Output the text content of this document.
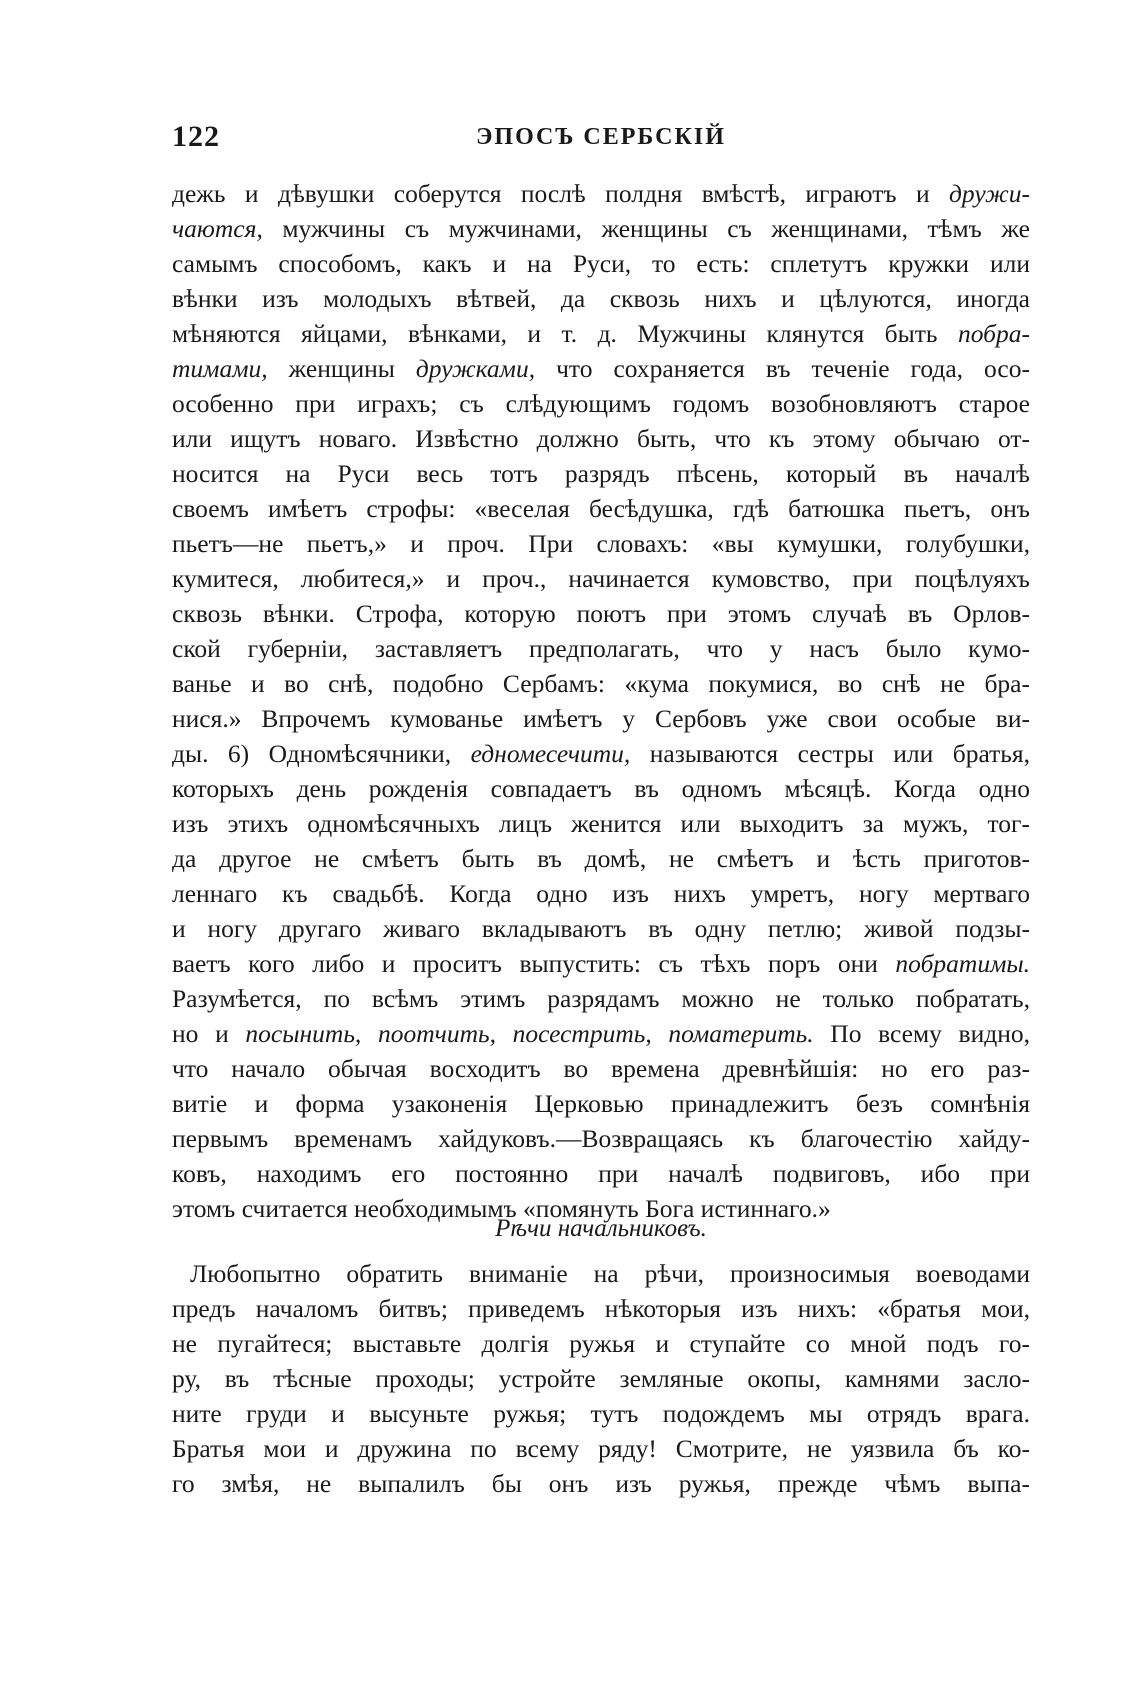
122	ЭПОСЪ СЕРБСКІЙ
дежь и дѣвушки соберутся послѣ полдня вмѣстѣ, играютъ и дружи-
чаются, мужчины съ мужчинами, женщины съ женщинами, тѣмъ же
самымъ способомъ, какъ и на Руси, то есть: сплетутъ кружки или
вѣнки изъ молодыхъ вѣтвей, да сквозь нихъ и цѣлуются, иногда
мѣняются яйцами, вѣнками, и т. д. Мужчины клянутся быть побра-
тимами, женщины дружками, что сохраняется въ теченіе года, осо-
особенно при играхъ; съ слѣдующимъ годомъ возобновляютъ старое
или ищутъ новаго. Извѣстно должно быть, что къ этому обычаю от-
носится на Руси весь тотъ разрядъ пѣсень, который въ началѣ
своемъ имѣетъ строфы: «веселая бесѣдушка, гдѣ батюшка пьетъ, онъ
пьетъ—не пьетъ,» и проч. При словахъ: «вы кумушки, голубушки,
кумитеся, любитеся,» и проч., начинается кумовство, при поцѣлуяхъ
сквозь вѣнки. Строфа, которую поютъ при этомъ случаѣ въ Орлов-
ской губерніи, заставляетъ предполагать, что у насъ было кумо-
ванье и во снѣ, подобно Сербамъ: «кума покумися, во снѣ не бра-
нися.» Впрочемъ кумованье имѣетъ у Сербовъ уже свои особые ви-
ды. 6) Одномѣсячники, едномесечити, называются сестры или братья,
которыхъ день рожденія совпадаетъ въ одномъ мѣсяцѣ. Когда одно
изъ этихъ одномѣсячныхъ лицъ женится или выходитъ за мужъ, тог-
да другое не смѣетъ быть въ домѣ, не смѣетъ и ѣсть приготов-
леннаго къ свадьбѣ. Когда одно изъ нихъ умретъ, ногу мертваго
и ногу другаго живаго вкладываютъ въ одну петлю; живой подзы-
ваетъ кого либо и проситъ выпустить: съ тѣхъ поръ они побратимы.
Разумѣется, по всѣмъ этимъ разрядамъ можно не только побратать,
но и посынить, поотчить, посестрить, поматерить. По всему видно,
что начало обычая восходитъ во времена древнѣйшія: но его раз-
витіе и форма узаконенія Церковью принадлежитъ безъ сомнѣнія
первымъ временамъ хайдуковъ.—Возвращаясь къ благочестію хайду-
ковъ, находимъ его постоянно при началѣ подвиговъ, ибо при
этомъ считается необходимымъ «помянуть Бога истиннаго.»
Рѣчи начальниковъ.
Любопытно обратить вниманіе на рѣчи, произносимыя воеводами
предъ началомъ битвъ; приведемъ нѣкоторыя изъ нихъ: «братья мои,
не пугайтеся; выставьте долгія ружья и ступайте со мной подъ го-
ру, въ тѣсные проходы; устройте земляные окопы, камнями засло-
ните груди и высуньте ружья; тутъ подождемъ мы отрядъ врага.
Братья мои и дружина по всему ряду! Смотрите, не уязвила бъ ко-
го змѣя, не выпалилъ бы онъ изъ ружья, прежде чѣмъ выпа-
